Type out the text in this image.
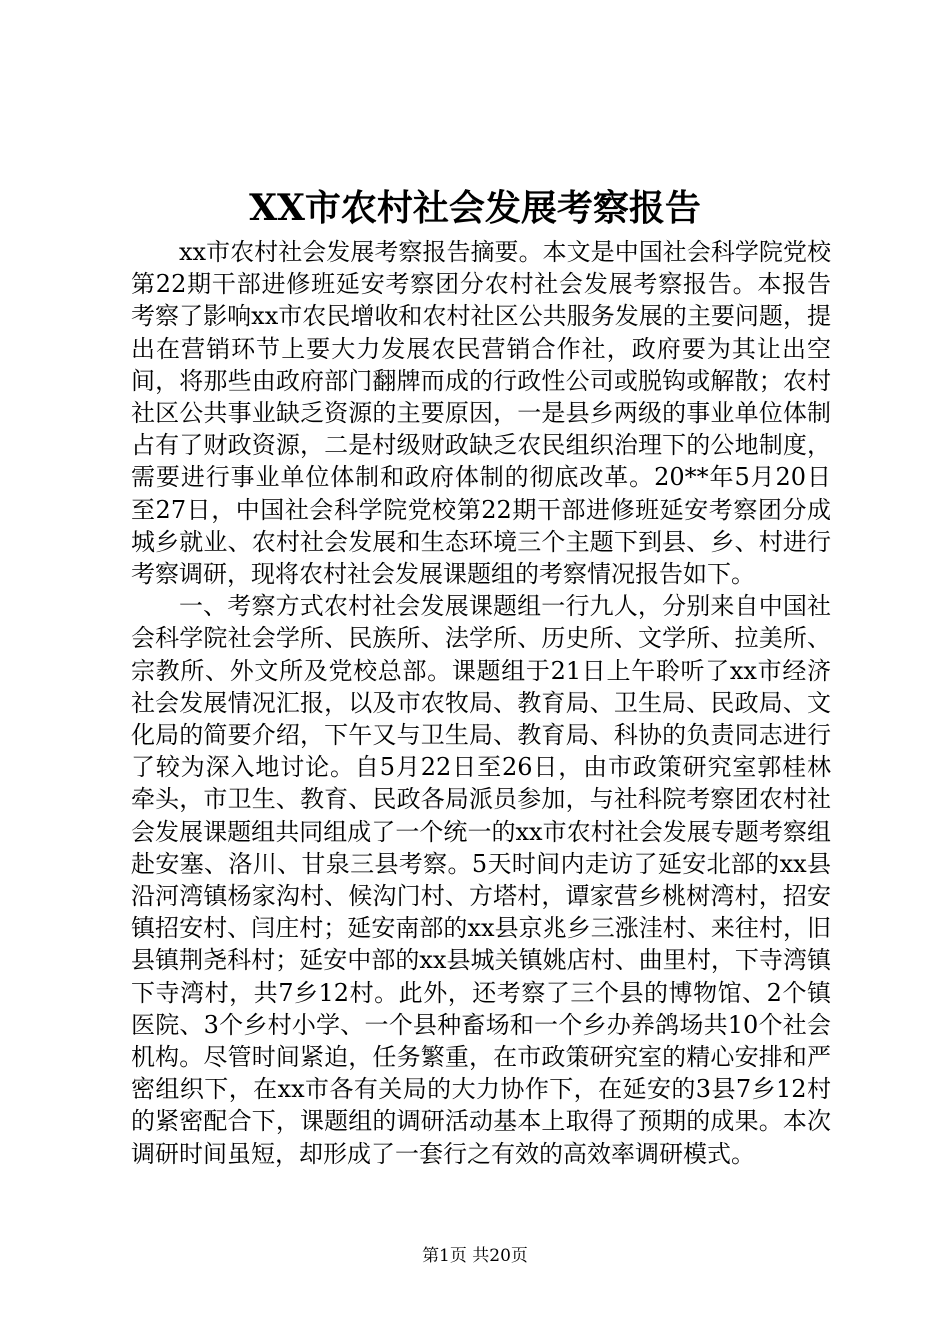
XX市农村社会发展考察报告

xx市农村社会发展考察报告摘要。本文是中国社会科学院党校第22期干部进修班延安考察团分农村社会发展考察报告。本报告考察了影响xx市农民增收和农村社区公共服务发展的主要问题，提出在营销环节上要大力发展农民营销合作社，政府要为其让出空间，将那些由政府部门翻牌而成的行政性公司或脱钩或解散；农村社区公共事业缺乏资源的主要原因，一是县乡两级的事业单位体制占有了财政资源，二是村级财政缺乏农民组织治理下的公地制度，需要进行事业单位体制和政府体制的彻底改革。20**年5月20日至27日，中国社会科学院党校第22期干部进修班延安考察团分成城乡就业、农村社会发展和生态环境三个主题下到县、乡、村进行考察调研，现将农村社会发展课题组的考察情况报告如下。

一、考察方式农村社会发展课题组一行九人，分别来自中国社会科学院社会学所、民族所、法学所、历史所、文学所、拉美所、宗教所、外文所及党校总部。课题组于21日上午聆听了xx市经济社会发展情况汇报，以及市农牧局、教育局、卫生局、民政局、文化局的简要介绍，下午又与卫生局、教育局、科协的负责同志进行了较为深入地讨论。自5月22日至26日，由市政策研究室郭桂林牵头，市卫生、教育、民政各局派员参加，与社科院考察团农村社会发展课题组共同组成了一个统一的xx市农村社会发展专题考察组赴安塞、洛川、甘泉三县考察。5天时间内走访了延安北部的xx县沿河湾镇杨家沟村、候沟门村、方塔村，谭家营乡桃树湾村，招安镇招安村、闫庄村；延安南部的xx县京兆乡三涨洼村、来往村，旧县镇荆尧科村；延安中部的xx县城关镇姚店村、曲里村，下寺湾镇下寺湾村，共7乡12村。此外，还考察了三个县的博物馆、2个镇医院、3个乡村小学、一个县种畜场和一个乡办养鸽场共10个社会机构。尽管时间紧迫，任务繁重，在市政策研究室的精心安排和严密组织下，在xx市各有关局的大力协作下，在延安的3县7乡12村的紧密配合下，课题组的调研活动基本上取得了预期的成果。本次调研时间虽短，却形成了一套行之有效的高效率调研模式。

第1页 共20页
